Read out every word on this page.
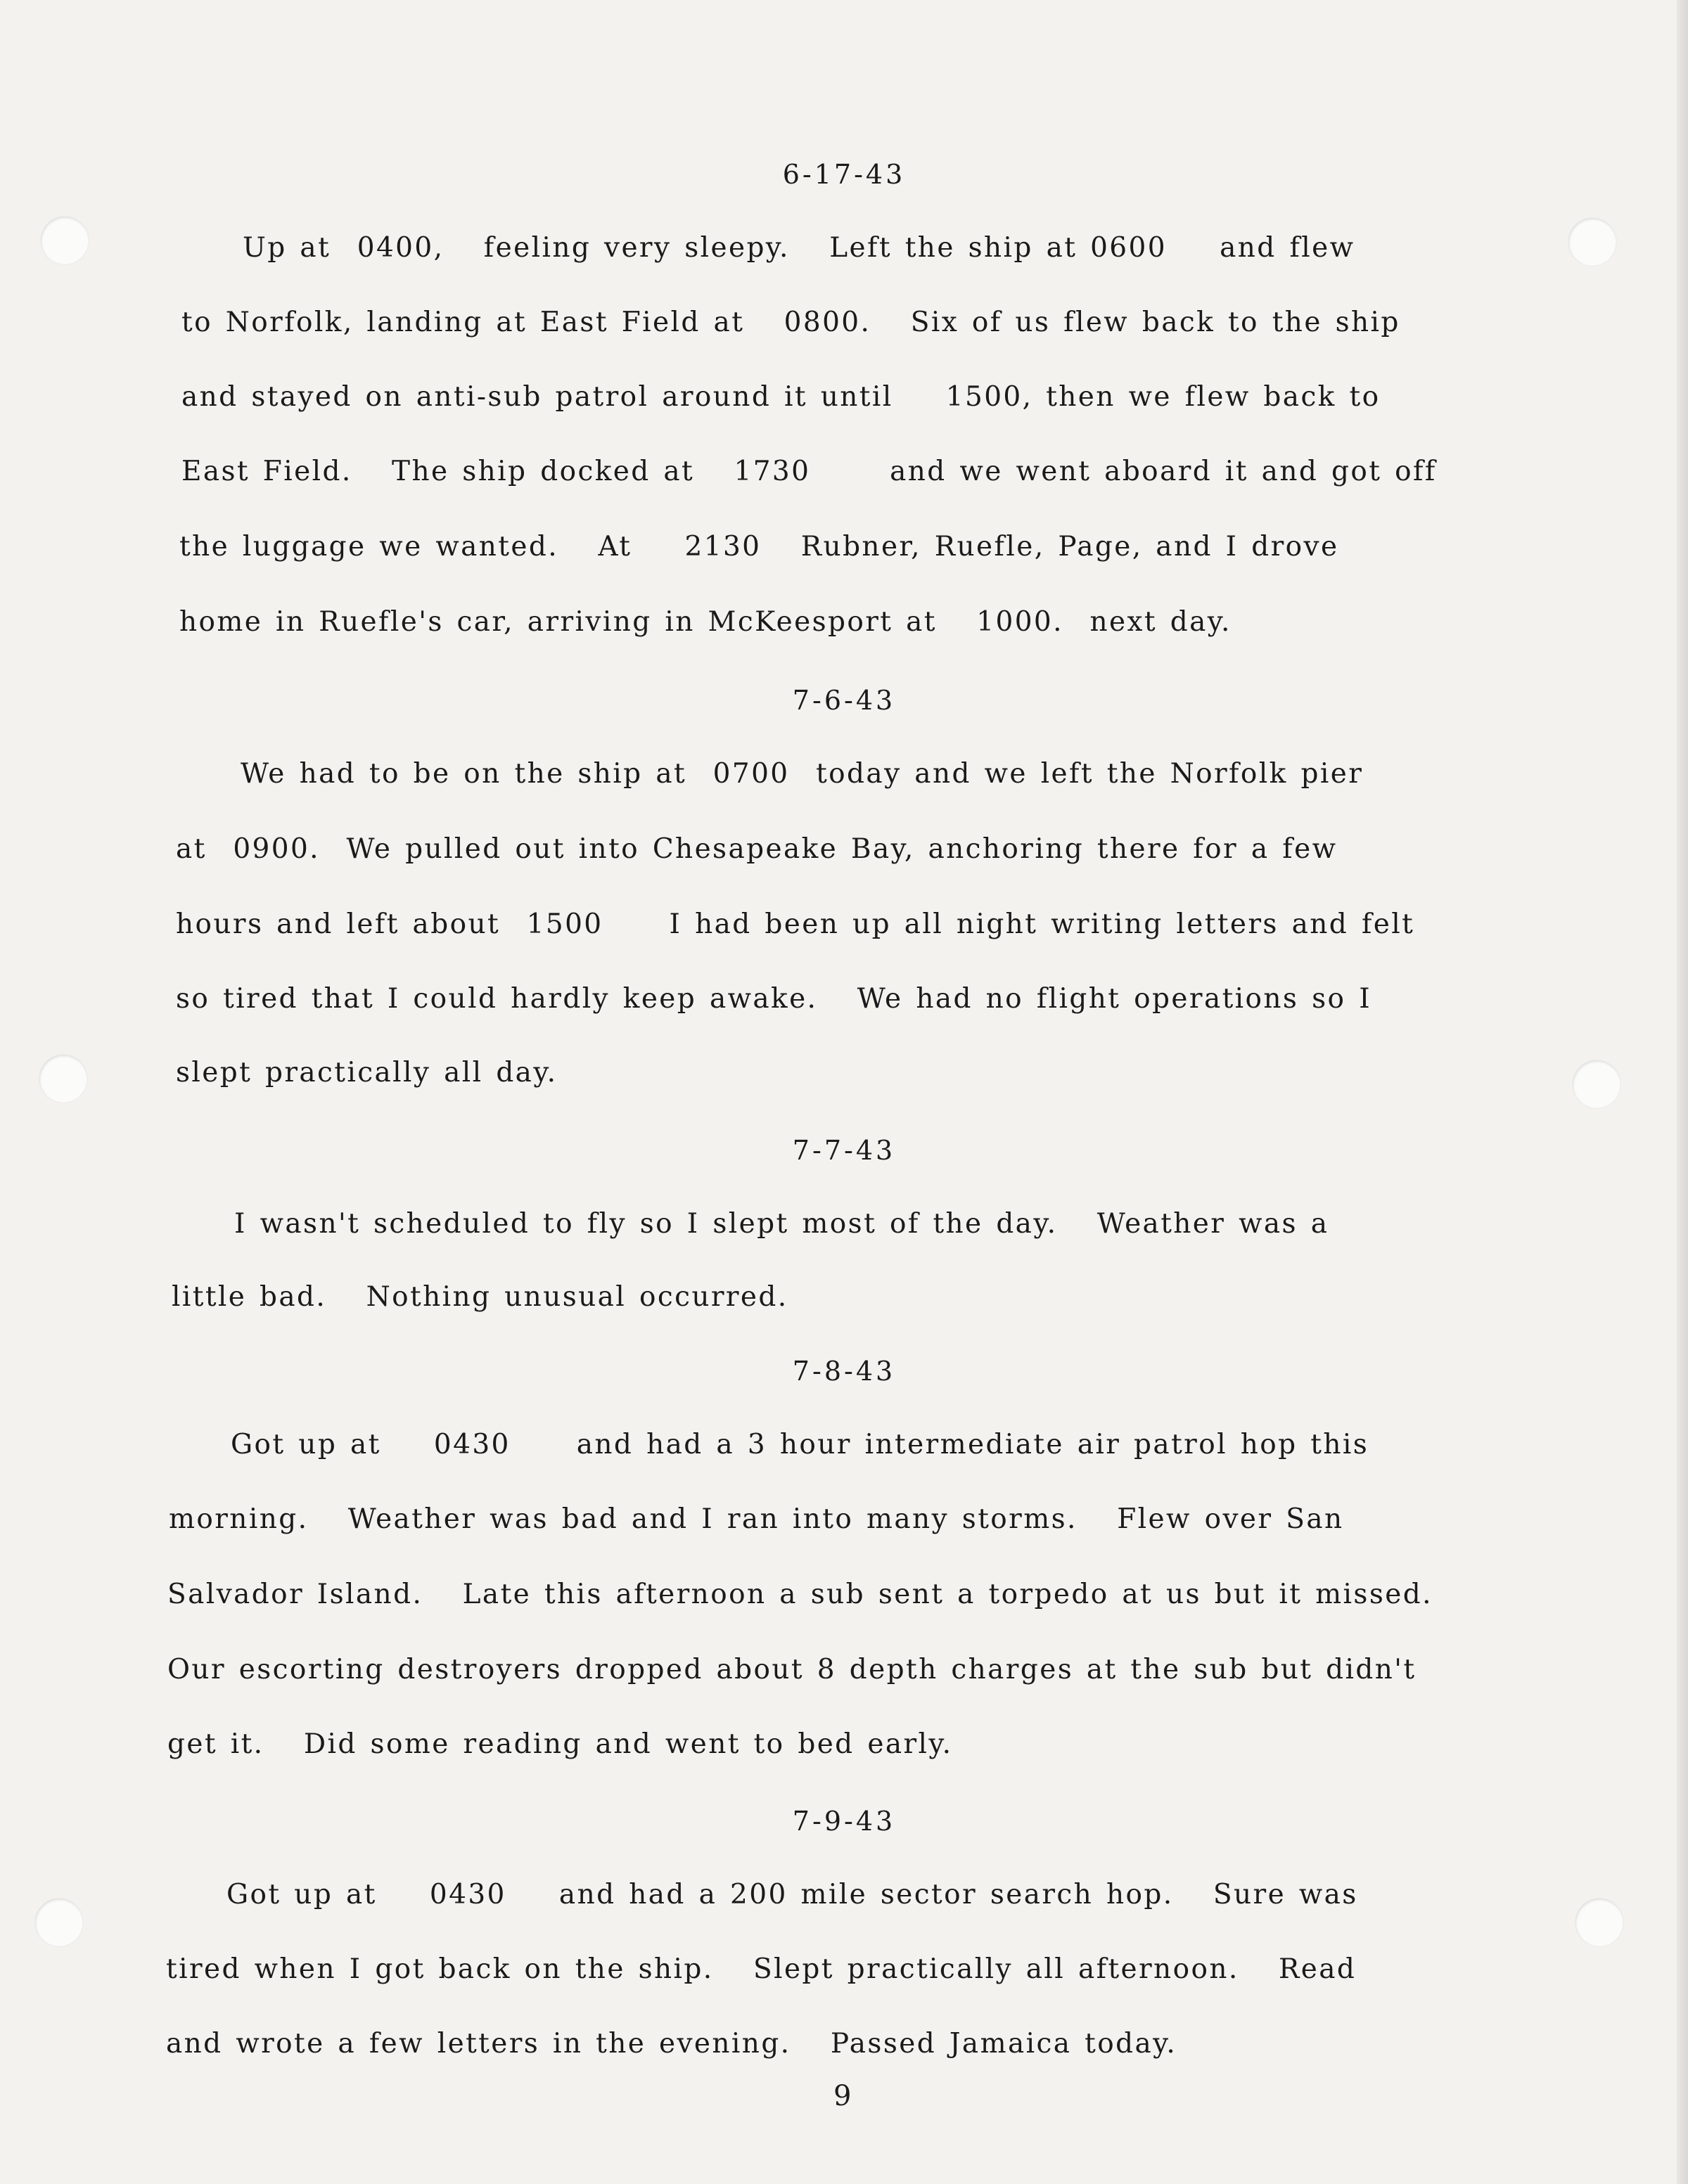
6-17-43
Up at  0400,   feeling very sleepy.   Left the ship at 0600    and flew
to Norfolk, landing at East Field at   0800.   Six of us flew back to the ship
and stayed on anti-sub patrol around it until    1500, then we flew back to
East Field.   The ship docked at   1730      and we went aboard it and got off
the luggage we wanted.   At    2130   Rubner, Ruefle, Page, and I drove
home in Ruefle's car, arriving in McKeesport at   1000.  next day.
7-6-43
We had to be on the ship at  0700  today and we left the Norfolk pier
at  0900.  We pulled out into Chesapeake Bay, anchoring there for a few
hours and left about  1500     I had been up all night writing letters and felt
so tired that I could hardly keep awake.   We had no flight operations so I
slept practically all day.
7-7-43
I wasn't scheduled to fly so I slept most of the day.   Weather was a
little bad.   Nothing unusual occurred.
7-8-43
Got up at    0430     and had a 3 hour intermediate air patrol hop this
morning.   Weather was bad and I ran into many storms.   Flew over San
Salvador Island.   Late this afternoon a sub sent a torpedo at us but it missed.
Our escorting destroyers dropped about 8 depth charges at the sub but didn't
get it.   Did some reading and went to bed early.
7-9-43
Got up at    0430    and had a 200 mile sector search hop.   Sure was
tired when I got back on the ship.   Slept practically all afternoon.   Read
and wrote a few letters in the evening.   Passed Jamaica today.
9
